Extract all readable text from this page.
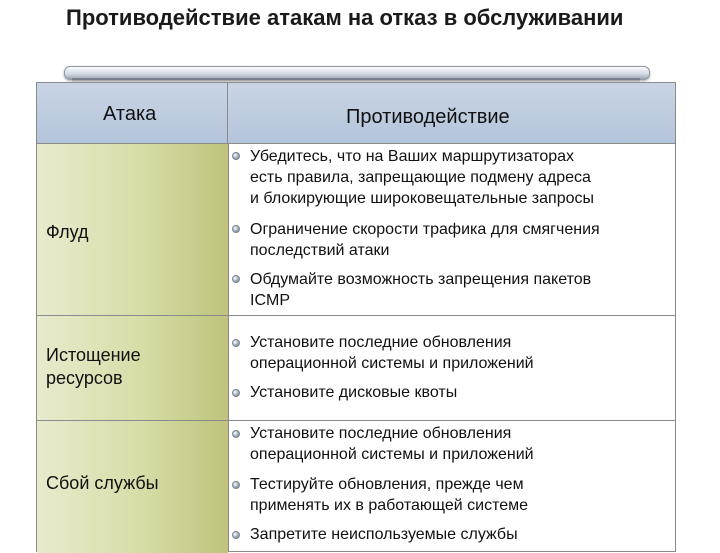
Противодействие атакам на отказ в обслуживании
Атака	Противодействие
Флуд
Истощение
ресурсов
Сбой службы
Убедитесь, что на Ваших маршрутизаторах
есть правила, запрещающие подмену адреса
и блокирующие широковещательные запросы
Ограничение скорости трафика для смягчения
последствий атаки
Обдумайте возможность запрещения пакетов
ICMP
Установите последние обновления
операционной системы и приложений
Установите дисковые квоты
Установите последние обновления
операционной системы и приложений
Тестируйте обновления, прежде чем
применять их в работающей системе
Запретите неиспользуемые службы
